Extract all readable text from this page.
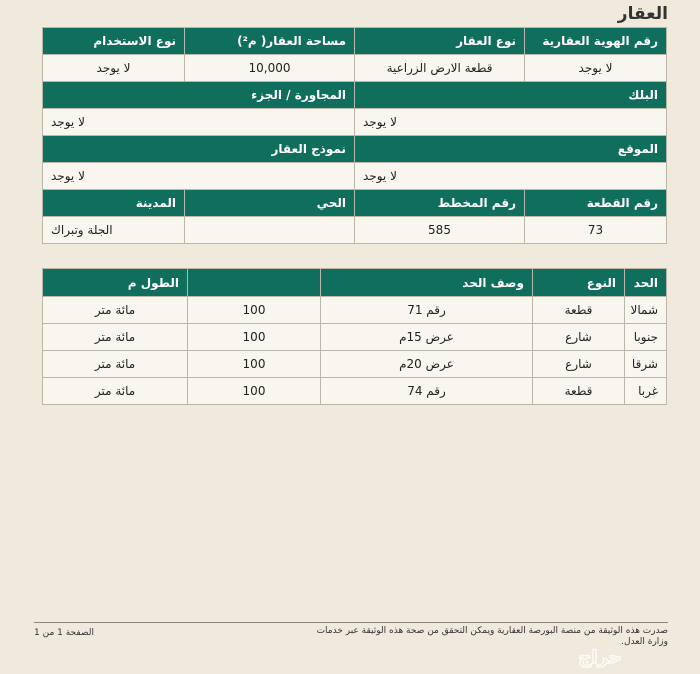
العقار
رقم الهوية العقارية	نوع العقار	مساحة العقار( م²)	نوع الاستخدام
لا يوجد	قطعة الارض الزراعية	10,000	لا يوجد
البلك		المجاورة / الجزء	
لا يوجد		لا يوجد	
الموقع		نموذج العقار	
لا يوجد		لا يوجد	
رقم القطعة	رقم المخطط	الحي	المدينة
73	585		الجلة وتبراك
الحد	النوع	وصف الحد		الطول م
شمالا	قطعة	رقم 71	100	مائة متر
جنوبا	شارع	عرض 15م	100	مائة متر
شرقا	شارع	عرض 20م	100	مائة متر
غربا	قطعة	رقم 74	100	مائة متر
صدرت هذه الوثيقة من منصة البورصة العقارية ويمكن التحقق من صحة هذه الوثيقة عبر خدمات وزارة العدل.
الصفحة 1 من 1
حراج
